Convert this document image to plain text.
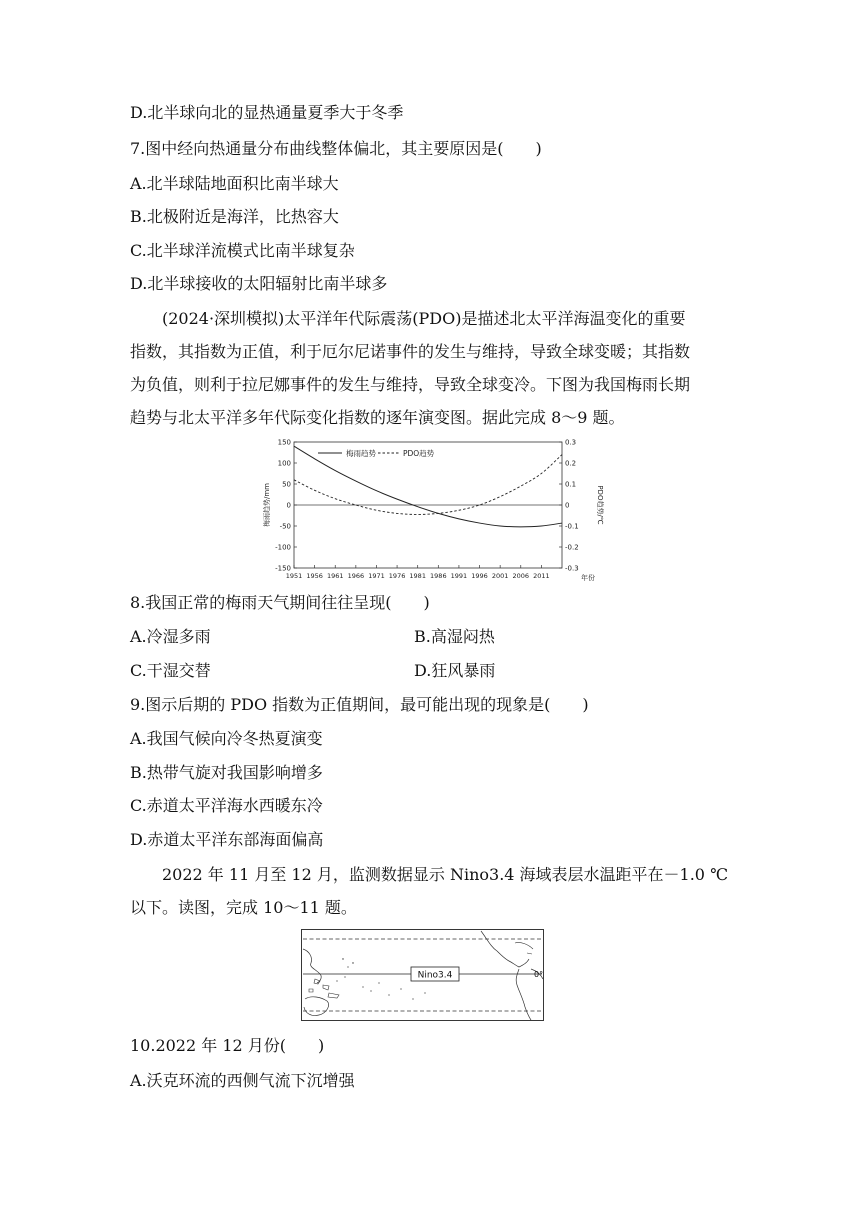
D.北半球向北的显热通量夏季大于冬季
7.图中经向热通量分布曲线整体偏北，其主要原因是(　　)
A.北半球陆地面积比南半球大
B.北极附近是海洋，比热容大
C.北半球洋流模式比南半球复杂
D.北半球接收的太阳辐射比南半球多
(2024·深圳模拟)太平洋年代际震荡(PDO)是描述北太平洋海温变化的重要
指数，其指数为正值，利于厄尔尼诺事件的发生与维持，导致全球变暖；其指数
为负值，则利于拉尼娜事件的发生与维持，导致全球变冷。下图为我国梅雨长期
趋势与北太平洋多年代际变化指数的逐年演变图。据此完成 8～9 题。
150
100
50
0
-50
-100
-150
0.3
0.2
0.1
0
-0.1
-0.2
-0.3
1951 1956 1961 1966 1971 1976 1981 1986 1991 1996 2001 2006 2011
梅雨趋势	PDO趋势
梅雨趋势/mm	PDO趋势/℃
年份
8.我国正常的梅雨天气期间往往呈现(　　)
A.冷湿多雨	B.高湿闷热
C.干湿交替	D.狂风暴雨
9.图示后期的 PDO 指数为正值期间，最可能出现的现象是(　　)
A.我国气候向冷冬热夏演变
B.热带气旋对我国影响增多
C.赤道太平洋海水西暖东冷
D.赤道太平洋东部海面偏高
2022 年 11 月至 12 月，监测数据显示 Nino3.4 海域表层水温距平在－1.0 ℃
以下。读图，完成 10～11 题。
Nino3.4	0°
10.2022 年 12 月份(　　)
A.沃克环流的西侧气流下沉增强
